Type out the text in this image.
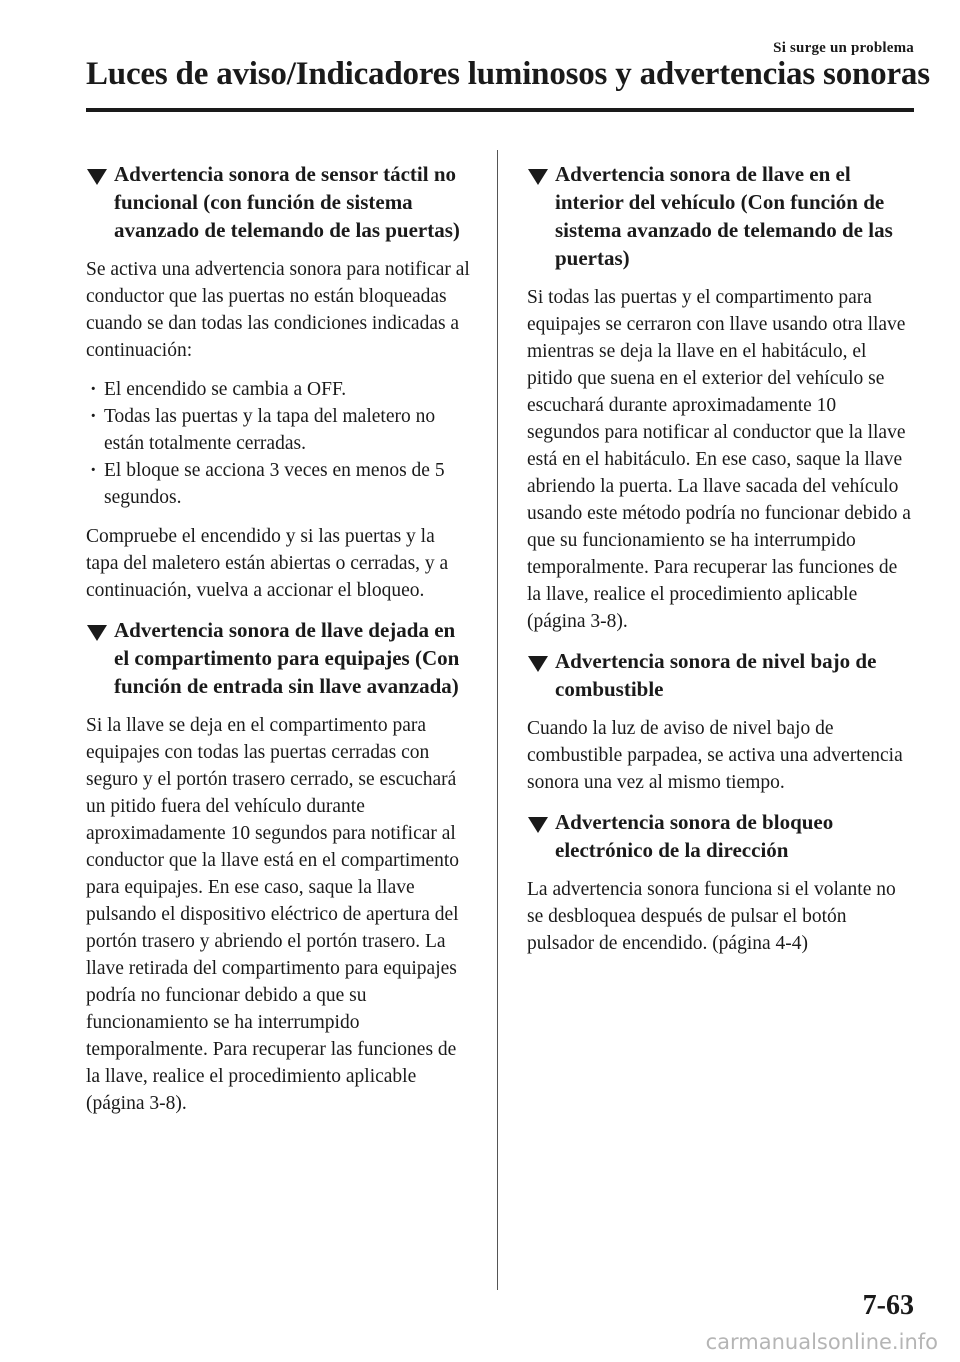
Si surge un problema
Luces de aviso/Indicadores luminosos y advertencias sonoras
Advertencia sonora de sensor táctil no funcional (con función de sistema avanzado de telemando de las puertas)

Se activa una advertencia sonora para notificar al conductor que las puertas no están bloqueadas cuando se dan todas las condiciones indicadas a continuación:

· El encendido se cambia a OFF.
· Todas las puertas y la tapa del maletero no están totalmente cerradas.
· El bloque se acciona 3 veces en menos de 5 segundos.

Compruebe el encendido y si las puertas y la tapa del maletero están abiertas o cerradas, y a continuación, vuelva a accionar el bloqueo.

Advertencia sonora de llave dejada en el compartimento para equipajes (Con función de entrada sin llave avanzada)

Si la llave se deja en el compartimento para equipajes con todas las puertas cerradas con seguro y el portón trasero cerrado, se escuchará un pitido fuera del vehículo durante aproximadamente 10 segundos para notificar al conductor que la llave está en el compartimento para equipajes. En ese caso, saque la llave pulsando el dispositivo eléctrico de apertura del portón trasero y abriendo el portón trasero. La llave retirada del compartimento para equipajes podría no funcionar debido a que su funcionamiento se ha interrumpido temporalmente. Para recuperar las funciones de la llave, realice el procedimiento aplicable (página 3-8).

Advertencia sonora de llave en el interior del vehículo (Con función de sistema avanzado de telemando de las puertas)

Si todas las puertas y el compartimento para equipajes se cerraron con llave usando otra llave mientras se deja la llave en el habitáculo, el pitido que suena en el exterior del vehículo se escuchará durante aproximadamente 10 segundos para notificar al conductor que la llave está en el habitáculo. En ese caso, saque la llave abriendo la puerta. La llave sacada del vehículo usando este método podría no funcionar debido a que su funcionamiento se ha interrumpido temporalmente. Para recuperar las funciones de la llave, realice el procedimiento aplicable (página 3-8).

Advertencia sonora de nivel bajo de combustible

Cuando la luz de aviso de nivel bajo de combustible parpadea, se activa una advertencia sonora una vez al mismo tiempo.

Advertencia sonora de bloqueo electrónico de la dirección

La advertencia sonora funciona si el volante no se desbloquea después de pulsar el botón pulsador de encendido. (página 4-4)

7-63
carmanualsonline.info
